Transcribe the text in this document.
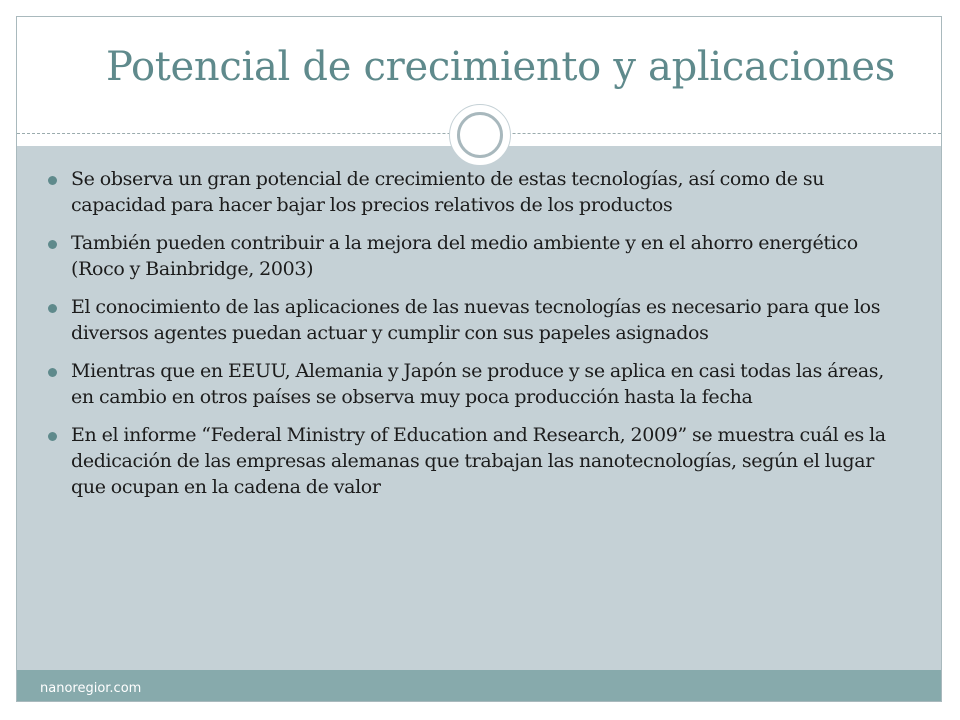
Potencial de crecimiento y aplicaciones
nanoregior.com
Se observa un gran potencial de crecimiento de estas tecnologías, así como de su capacidad para hacer bajar los precios relativos de los productos
También pueden contribuir a la mejora del medio ambiente y en el ahorro energético (Roco y Bainbridge, 2003)
El conocimiento de las aplicaciones de las nuevas tecnologías es necesario para que los diversos agentes puedan actuar y cumplir con sus papeles asignados
Mientras que en EEUU, Alemania y Japón se produce y se aplica en casi todas las áreas, en cambio en otros países se observa muy poca producción hasta la fecha
En el informe “Federal Ministry of Education and Research, 2009” se muestra cuál es la dedicación de las empresas alemanas que trabajan las nanotecnologías, según el lugar que ocupan en la cadena de valor
